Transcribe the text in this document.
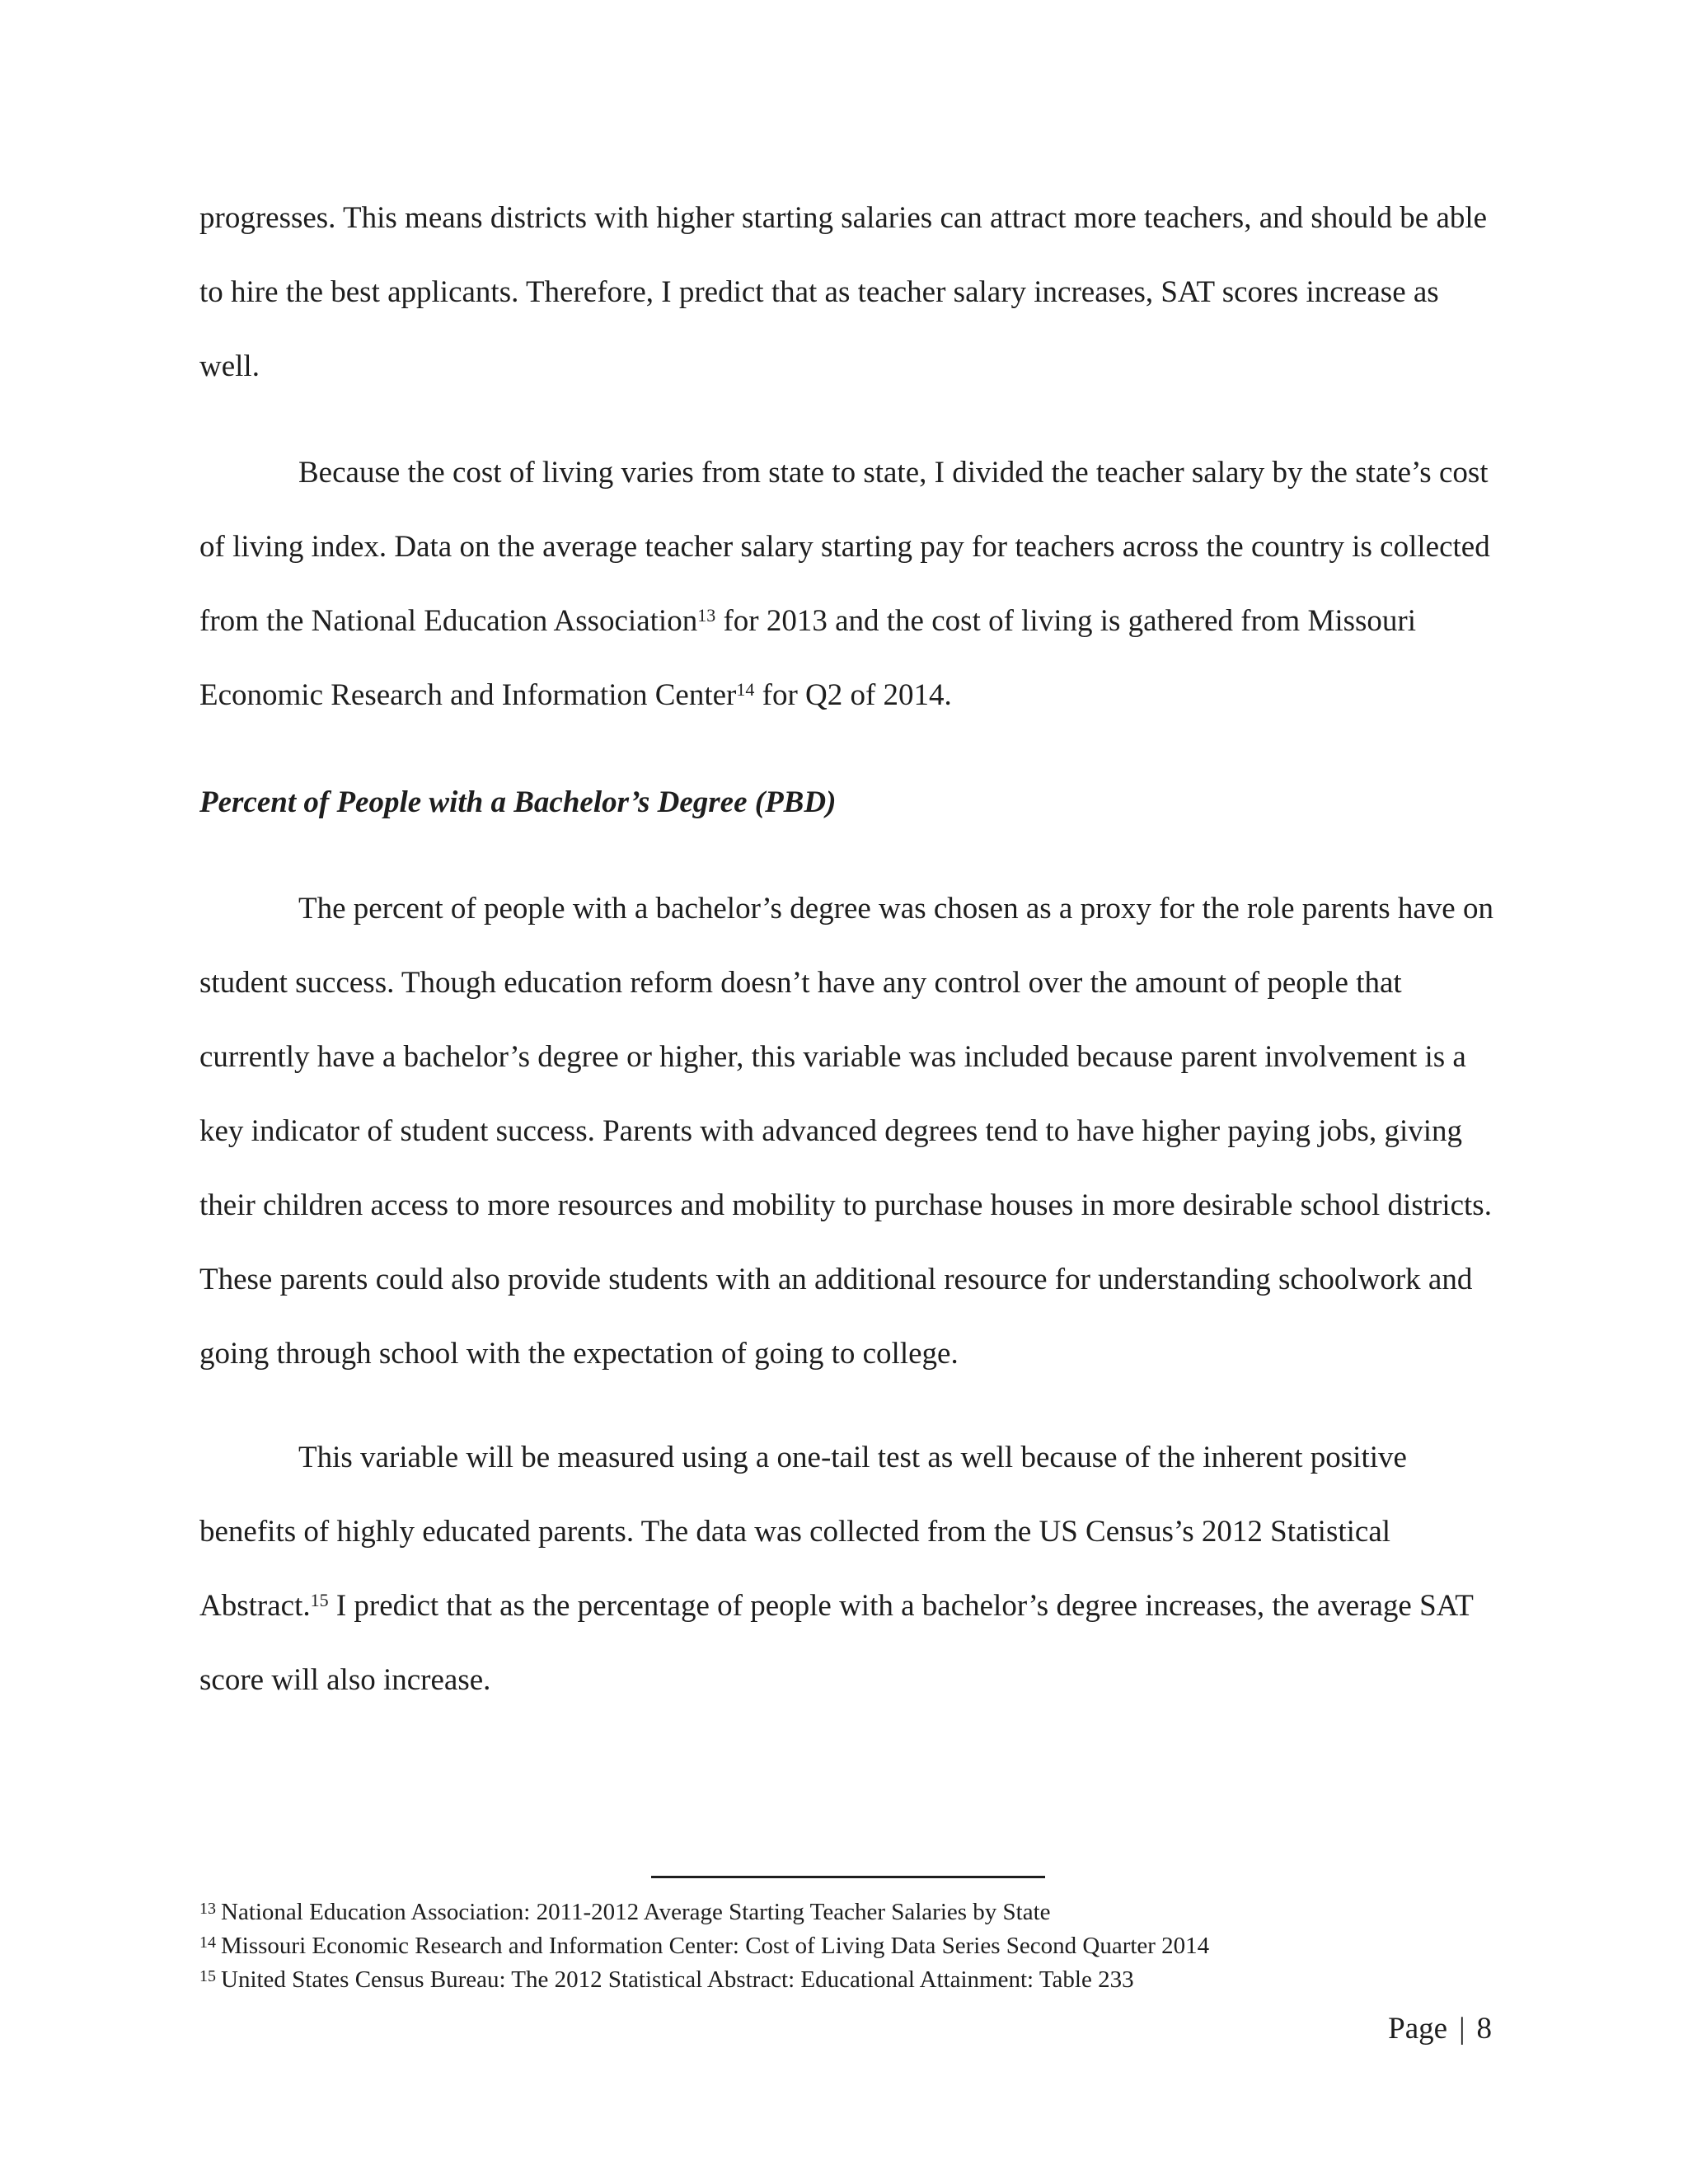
progresses. This means districts with higher starting salaries can attract more teachers, and should be able to hire the best applicants. Therefore, I predict that as teacher salary increases, SAT scores increase as well.

Because the cost of living varies from state to state, I divided the teacher salary by the state’s cost of living index. Data on the average teacher salary starting pay for teachers across the country is collected from the National Education Association$^{13}$ for 2013 and the cost of living is gathered from Missouri Economic Research and Information Center$^{14}$ for Q2 of 2014.

Percent of People with a Bachelor’s Degree (PBD)

The percent of people with a bachelor’s degree was chosen as a proxy for the role parents have on student success. Though education reform doesn’t have any control over the amount of people that currently have a bachelor’s degree or higher, this variable was included because parent involvement is a key indicator of student success. Parents with advanced degrees tend to have higher paying jobs, giving their children access to more resources and mobility to purchase houses in more desirable school districts. These parents could also provide students with an additional resource for understanding schoolwork and going through school with the expectation of going to college.

This variable will be measured using a one-tail test as well because of the inherent positive benefits of highly educated parents. The data was collected from the US Census’s 2012 Statistical Abstract.$^{15}$ I predict that as the percentage of people with a bachelor’s degree increases, the average SAT score will also increase.

$^{13}$ National Education Association: 2011-2012 Average Starting Teacher Salaries by State
$^{14}$ Missouri Economic Research and Information Center: Cost of Living Data Series Second Quarter 2014
$^{15}$ United States Census Bureau: The 2012 Statistical Abstract: Educational Attainment: Table 233
Page | 8
